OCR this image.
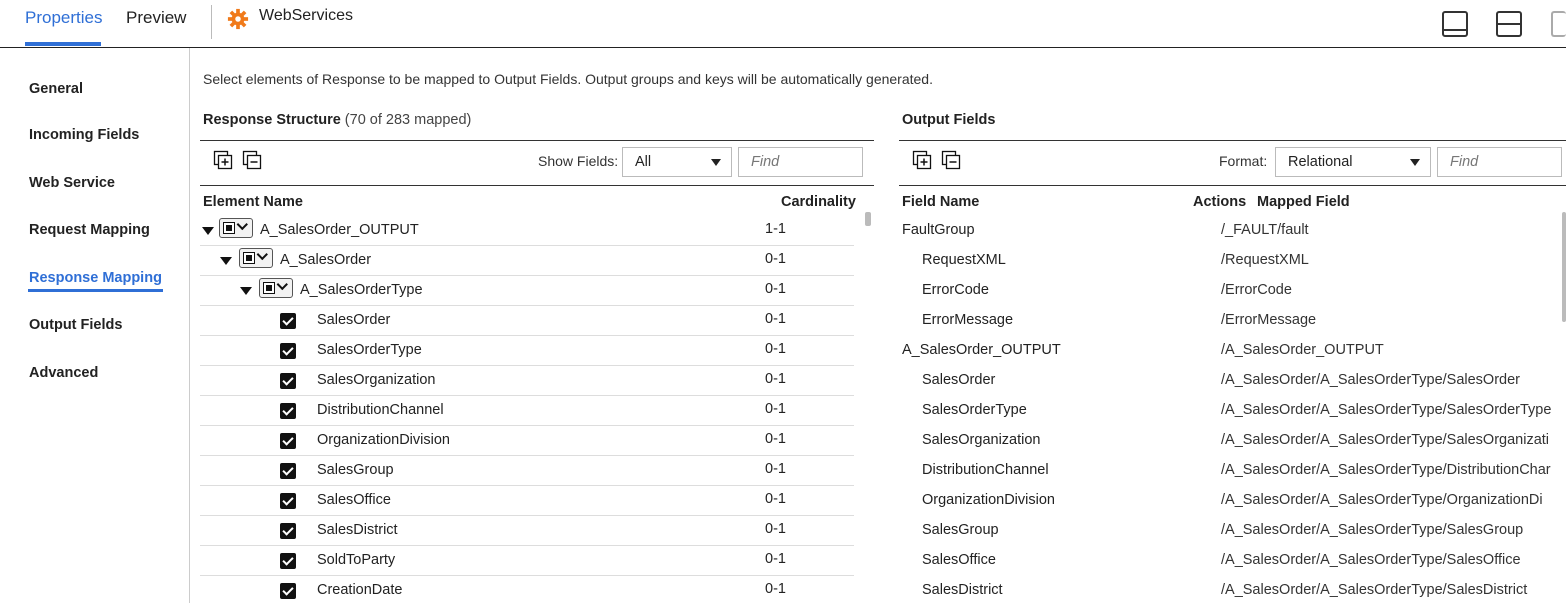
Properties Preview	WebServices
General
Incoming Fields
Web Service
Request Mapping
Response Mapping
Output Fields
Advanced
Select elements of Response to be mapped to Output Fields. Output groups and keys will be automatically generated.
Response Structure (70 of 283 mapped)
Show Fields:	All
Find
Element Name	Cardinality
A_SalesOrder_OUTPUT	1-1
A_SalesOrder	0-1
A_SalesOrderType	0-1
SalesOrder	0-1
SalesOrderType	0-1
SalesOrganization	0-1
DistributionChannel	0-1
OrganizationDivision	0-1
SalesGroup	0-1
SalesOffice	0-1
SalesDistrict	0-1
SoldToParty	0-1
CreationDate	0-1
Output Fields
Format:	Relational
Find
Field Name	Actions Mapped Field
FaultGroup	/_FAULT/fault
RequestXML	/RequestXML
ErrorCode	/ErrorCode
ErrorMessage	/ErrorMessage
A_SalesOrder_OUTPUT	/A_SalesOrder_OUTPUT
SalesOrder	/A_SalesOrder/A_SalesOrderType/SalesOrder
SalesOrderType	/A_SalesOrder/A_SalesOrderType/SalesOrderType
SalesOrganization	/A_SalesOrder/A_SalesOrderType/SalesOrganizati
DistributionChannel	/A_SalesOrder/A_SalesOrderType/DistributionChar
OrganizationDivision	/A_SalesOrder/A_SalesOrderType/OrganizationDi
SalesGroup	/A_SalesOrder/A_SalesOrderType/SalesGroup
SalesOffice	/A_SalesOrder/A_SalesOrderType/SalesOffice
SalesDistrict	/A_SalesOrder/A_SalesOrderType/SalesDistrict
